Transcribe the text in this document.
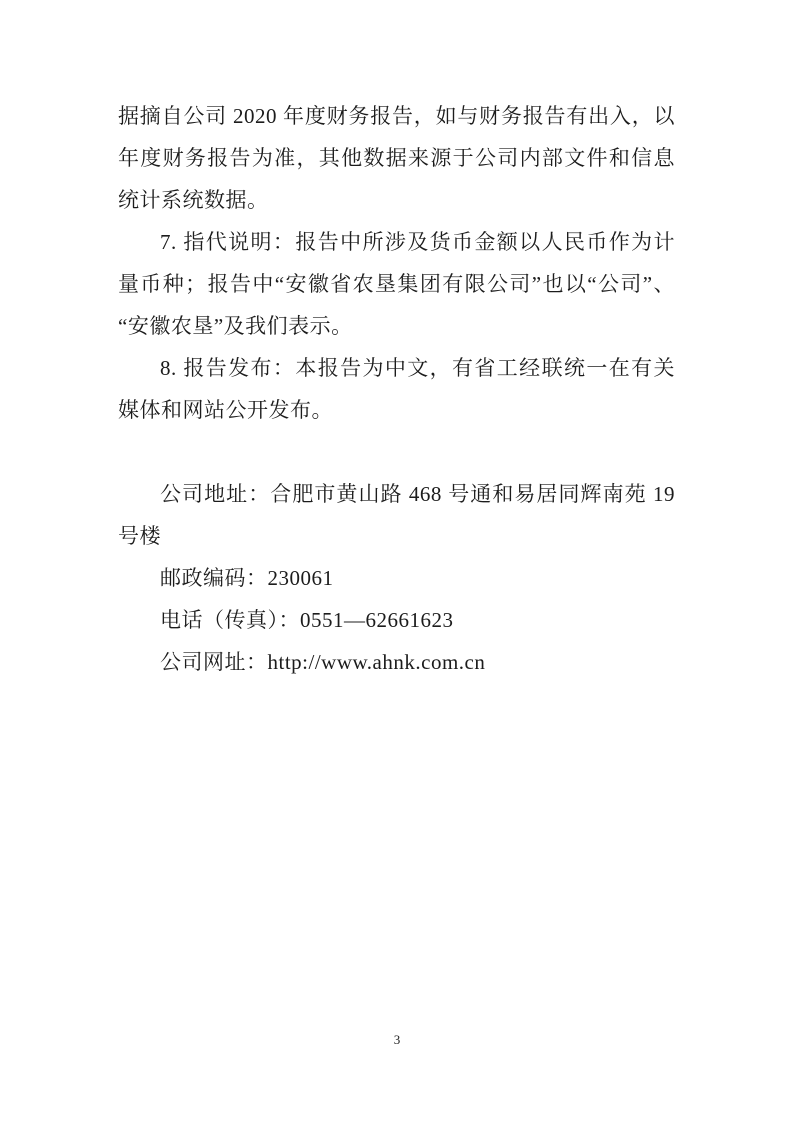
据摘自公司 2020 年度财务报告，如与财务报告有出入，以年度财务报告为准，其他数据来源于公司内部文件和信息统计系统数据。

7. 指代说明：报告中所涉及货币金额以人民币作为计量币种；报告中“安徽省农垦集团有限公司”也以“公司”、“安徽农垦”及我们表示。

8. 报告发布：本报告为中文，有省工经联统一在有关媒体和网站公开发布。

公司地址：合肥市黄山路 468 号通和易居同辉南苑 19 号楼

邮政编码：230061

电话（传真）：0551—62661623

公司网址：http://www.ahnk.com.cn

3
